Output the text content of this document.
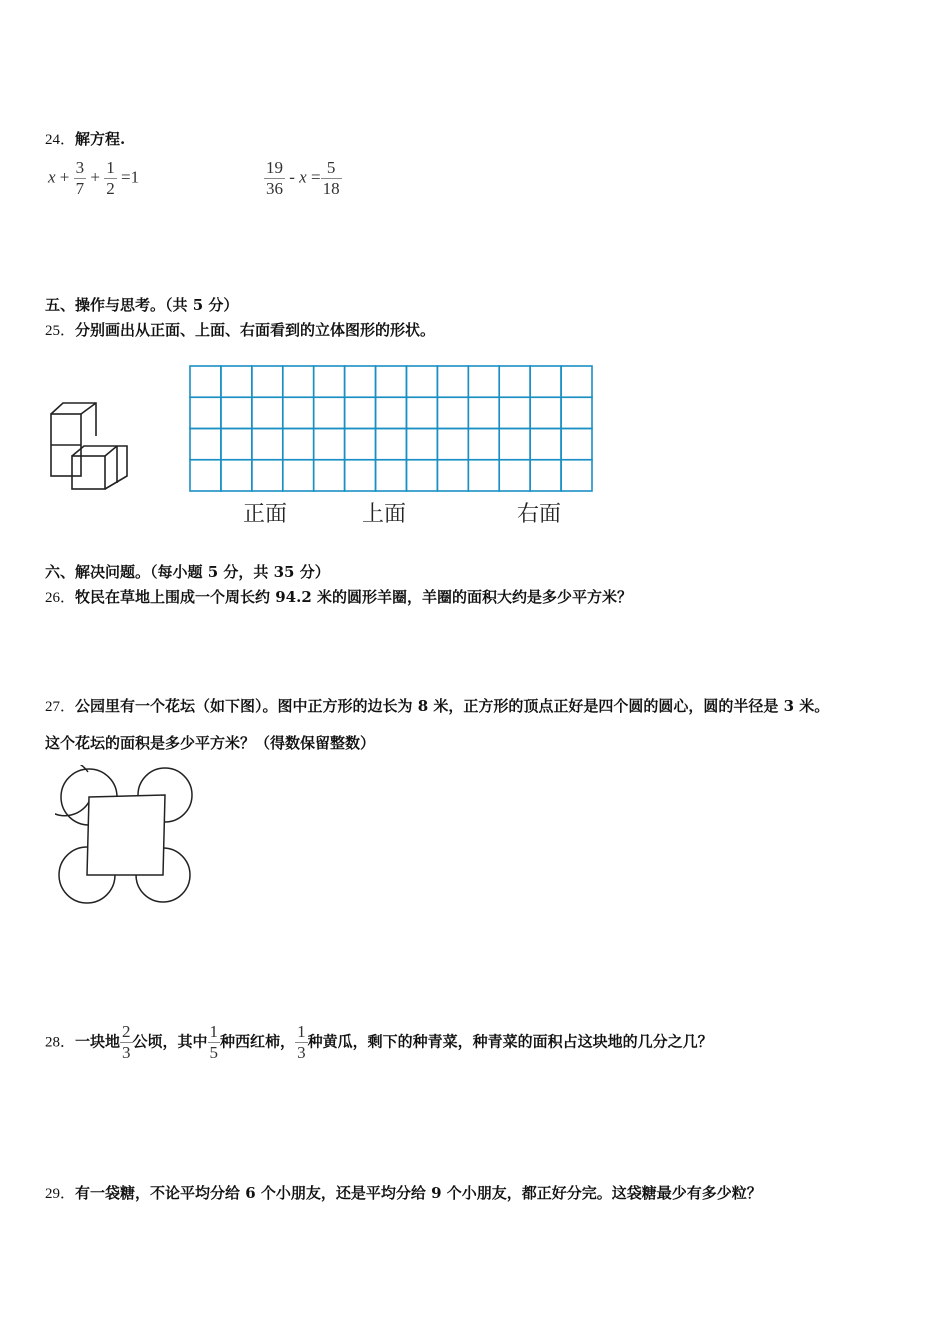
24．解方程.
$x + \frac{3}{7} + \frac{1}{2} =1$	$\frac{19}{36} - x = \frac{5}{18}$
五、操作与思考。（共 5 分）
25．分别画出从正面、上面、右面看到的立体图形的形状。
正面	上面	右面
六、解决问题。（每小题 5 分，共 35 分）
26．牧民在草地上围成一个周长约 94.2 米的圆形羊圈，羊圈的面积大约是多少平方米？
27．公园里有一个花坛（如下图）。图中正方形的边长为 8 米，正方形的顶点正好是四个圆的圆心，圆的半径是 3 米。
这个花坛的面积是多少平方米？（得数保留整数）
28．一块地 $\frac{2}{3}$ 公顷，其中 $\frac{1}{5}$ 种西红柿， $\frac{1}{3}$ 种黄瓜，剩下的种青菜，种青菜的面积占这块地的几分之几？
29．有一袋糖，不论平均分给 6 个小朋友，还是平均分给 9 个小朋友，都正好分完。这袋糖最少有多少粒？
